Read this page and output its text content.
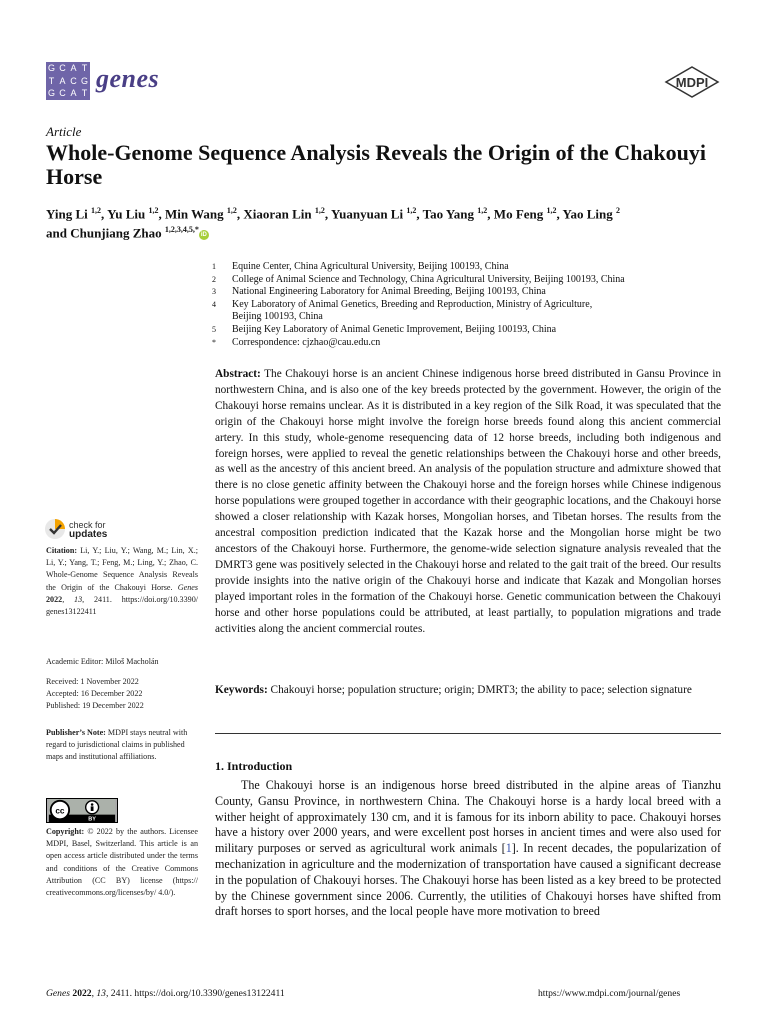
G C A T
T A C G
G C A T
genes	MDPI
Article
Whole-Genome Sequence Analysis Reveals the Origin of the Chakouyi Horse
Ying Li $^{1,2}$, Yu Liu $^{1,2}$, Min Wang $^{1,2}$, Xiaoran Lin $^{1,2}$, Yuanyuan Li $^{1,2}$, Tao Yang $^{1,2}$, Mo Feng $^{1,2}$, Yao Ling $^2$
and Chunjiang Zhao $^{1,2,3,4,5,*}$iD
1	Equine Center, China Agricultural University, Beijing 100193, China
2	College of Animal Science and Technology, China Agricultural University, Beijing 100193, China
3	National Engineering Laboratory for Animal Breeding, Beijing 100193, China
4	Key Laboratory of Animal Genetics, Breeding and Reproduction, Ministry of Agriculture,
Beijing 100193, China
5	Beijing Key Laboratory of Animal Genetic Improvement, Beijing 100193, China
*	Correspondence: cjzhao@cau.edu.cn
Abstract: The Chakouyi horse is an ancient Chinese indigenous horse breed distributed in Gansu Province in northwestern China, and is also one of the key breeds protected by the government. However, the origin of the Chakouyi horse remains unclear. As it is distributed in a key region of the Silk Road, it was speculated that the origin of the Chakouyi horse might involve the foreign horse breeds found along this ancient commercial artery. In this study, whole-genome resequencing data of 12 horse breeds, including both indigenous and foreign horses, were applied to reveal the genetic relationships between the Chakouyi horse and other breeds, as well as the ancestry of this ancient breed. An analysis of the population structure and admixture showed that there is no close genetic affinity between the Chakouyi horse and the foreign horses while Chinese indigenous horse populations were grouped together in accordance with their geographic locations, and the Chakouyi horse showed a closer relationship with Kazak horses, Mongolian horses, and Tibetan horses. The results from the ancestral composition prediction indicated that the Kazak horse and the Mongolian horse might be two ancestors of the Chakouyi horse. Furthermore, the genome-wide selection signature analysis revealed that the DMRT3 gene was positively selected in the Chakouyi horse and related to the gait trait of the breed. Our results provide insights into the native origin of the Chakouyi horse and indicate that Kazak and Mongolian horses played important roles in the formation of the Chakouyi horse. Genetic communication between the Chakouyi horse and other horse populations could be attributed, at least partially, to population migrations and trade activities along the ancient commercial routes.
Keywords: Chakouyi horse; population structure; origin; DMRT3; the ability to pace; selection signature
1. Introduction
The Chakouyi horse is an indigenous horse breed distributed in the alpine areas of Tianzhu County, Gansu Province, in northwestern China. The Chakouyi horse is a hardy local breed with a wither height of approximately 130 cm, and it is famous for its inborn ability to pace. Chakouyi horses have a history over 2000 years, and were excellent post horses in ancient times and were also used for military purposes or served as agricultural work animals [1]. In recent decades, the popularization of mechanization in agriculture and the modernization of transportation have caused a significant decrease in the population of Chakouyi horses. The Chakouyi horse has been listed as a key breed to be protected by the Chinese government since 2006. Currently, the utilities of Chakouyi horses have shifted from draft horses to sport horses, and the local people have more motivation to breed
check for
updates
Citation: Li, Y.; Liu, Y.; Wang, M.; Lin, X.; Li, Y.; Yang, T.; Feng, M.; Ling, Y.; Zhao, C. Whole-Genome Sequence Analysis Reveals the Origin of the Chakouyi Horse. Genes 2022, 13, 2411. https://doi.org/10.3390/ genes13122411
Academic Editor: Miloš Macholán
Received: 1 November 2022
Accepted: 16 December 2022
Published: 19 December 2022
Publisher’s Note: MDPI stays neutral with regard to jurisdictional claims in published maps and institutional affiliations.
cc
BY
Copyright: © 2022 by the authors. Licensee MDPI, Basel, Switzerland. This article is an open access article distributed under the terms and conditions of the Creative Commons Attribution (CC BY) license (https:// creativecommons.org/licenses/by/ 4.0/).
Genes 2022, 13, 2411. https://doi.org/10.3390/genes13122411	https://www.mdpi.com/journal/genes
